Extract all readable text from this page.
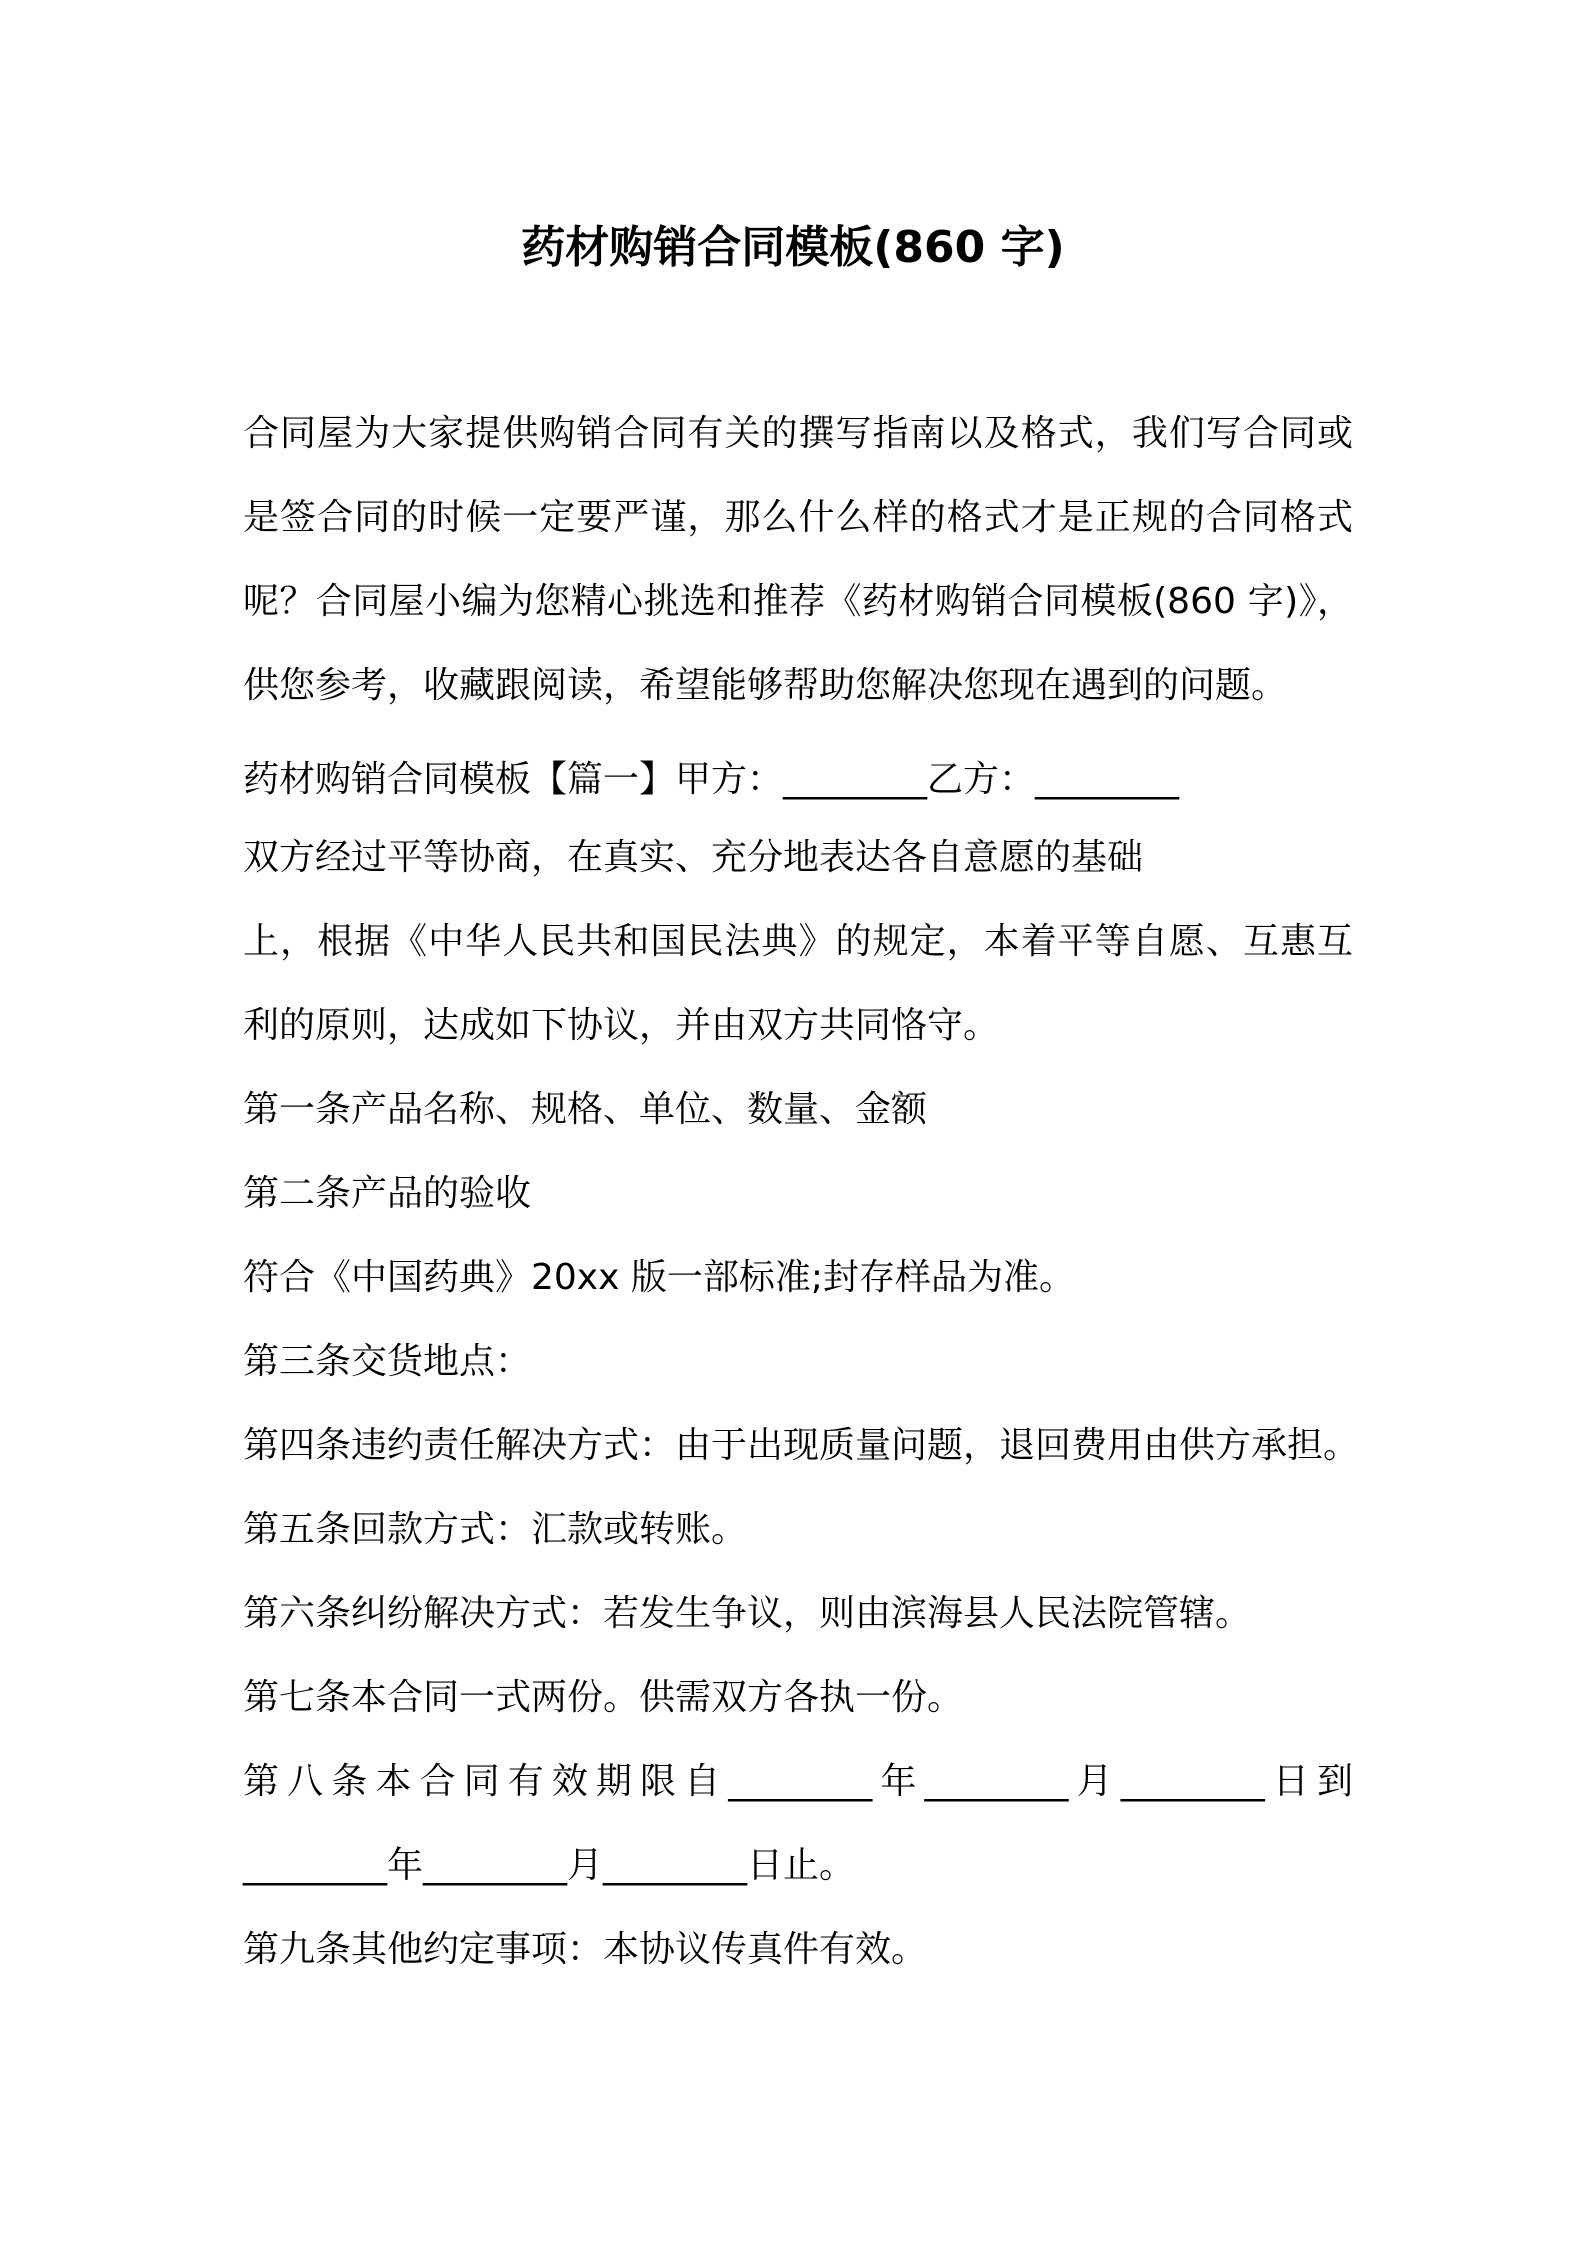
药材购销合同模板(860 字)
合同屋为大家提供购销合同有关的撰写指南以及格式，我们写合同或
是签合同的时候一定要严谨，那么什么样的格式才是正规的合同格式
呢？合同屋小编为您精心挑选和推荐《药材购销合同模板(860 字)》，
供您参考，收藏跟阅读，希望能够帮助您解决您现在遇到的问题。
药材购销合同模板【篇一】甲方：________乙方：________
双方经过平等协商，在真实、充分地表达各自意愿的基础
上，根据《中华人民共和国民法典》的规定，本着平等自愿、互惠互
利的原则，达成如下协议，并由双方共同恪守。
第一条产品名称、规格、单位、数量、金额
第二条产品的验收
符合《中国药典》20xx 版一部标准;封存样品为准。
第三条交货地点：
第四条违约责任解决方式：由于出现质量问题，退回费用由供方承担。
第五条回款方式：汇款或转账。
第六条纠纷解决方式：若发生争议，则由滨海县人民法院管辖。
第七条本合同一式两份。供需双方各执一份。
第八条本合同有效期限自________年________月________日到
________年________月________日止。
第九条其他约定事项：本协议传真件有效。
